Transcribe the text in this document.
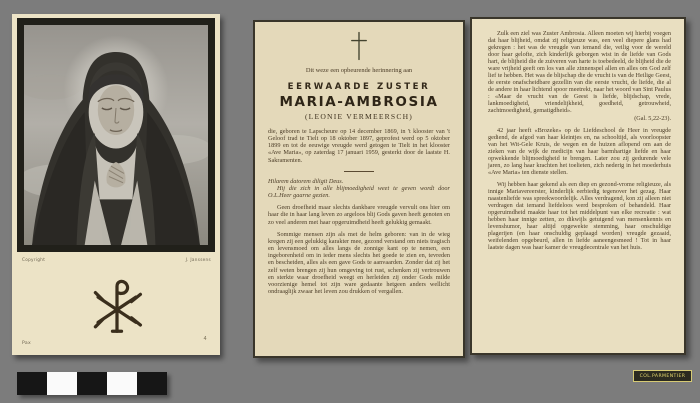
Copyright	J. Janssens
Pax
4
Dit weze een opbeurende herinnering aan
EERWAARDE ZUSTER
MARIA-AMBROSIA
(LEONIE VERMEERSCH)
die, geboren te Lapscheure op 14 december 1869, in 't klooster van 't Geloof trad te Tielt op 18 oktober 1897, geprofest werd op 5 oktober 1899 en tot de eeuwige vreugde werd getogen te Tielt in het klooster «Ave Maria», op zaterdag 17 januari 1959, gesterkt door de laatste H. Sakramenten.
Hilarem datorem diligit Deus.
Hij die zich in alle blijmoedigheid weet te geven wordt door O.L.Heer gaarne gezien.
Geen droefheid maar slechts dankbare vreugde vervult ons hier om haar die in haar lang leven zo argeloos blij Gods gaven heeft genoten en zo veel anderen met haar opgeruimdheid heeft gelukkig gemaakt.
Sommige mensen zijn als met de helm geboren: van in de wieg kregen zij een gelukkig karakter mee, gezond verstand om niets tragisch en levensmoed om alles langs de zonnige kant op te nemen, een ingeborenheid om in ieder mens slechts het goede te zien en, tevreden en bescheiden, alles als een gave Gods te aanvaarden. Zonder dat zij het zelf weten brengen zij hun omgeving tot rust, schenken zij vertrouwen en sterkte waar droefheid weegt en herleiden zij onder Gods milde voorzienige hemel tot zijn ware gedaante hetgeen anders wellicht ondraaglijk zwaar het leven zou drukken of vergallen.
Zulk een ziel was Zuster Ambrosia. Alleen moeten wij hierbij voegen dat haar blijheid, omdat zij religieuze was, een veel diepere glans had gekregen : het was de vreugde van iemand die, veilig voor de wereld door haar gelofte, zich kinderlijk geborgen wist in de liefde van Gods hart, de blijheid die de zuiveren van harte is toebedeeld, de blijheid die de ware vrijheid geeft om los van alle zinnenspel allen en alles om God zelf lief te hebben. Het was de blijschap die de vrucht is van de Heilige Geest, de eerste onafscheidbare gezellin van die eerste vrucht, de liefde, die al de andere in haar lichtend spoor meetrekt, naar het woord van Sint Paulus : «Maar de vrucht van de Geest is liefde, blijdschap, vrede, lankmoedigheid, vriendelijkheid, goedheid, getrouwheid, zachtmoedigheid, gematigdheid».
(Gal. 5,22-23).
42 jaar heeft «Brozeke» op de Liefdeschool de Heer in vreugde gediend, de afgod van haar kleintjes en, na schooltijd, als voorloopster van het Wit-Gele Kruis, de wegen en de huizen aflopend om aan de zieken van de wijk de medicijn van haar barmhartige liefde en haar opwekkende blijmoedigheid te brengen. Later zou zij gedurende vele jaren, zo lang haar krachten het toelieten, zich nederig in het moederhuis «Ave Maria» ten dienste stellen.
Wij hebben haar gekend als een diep en gezond-vrome religieuze, als innige Mariavereerster, kinderlijk eerbiedig tegenover het gezag. Haar naastenliefde was spreekwoordelijk. Alles verdragend, kon zij alleen niet verdragen dat iemand liefdeloos werd besproken of behandeld. Haar opgeruimdheid maakte haar tot het middelpunt van elke recreatie : wat hebben haar innige zetten, zo dikwijls getuigend van mensenkennis en levenshumor, haar altijd opgewekte stemming, haar onschuldige plagerijen (en haar onschuldig geplaagd worden) vreugde gezaaid, weifelenden opgebeurd, allen in liefde aaneengesmeed ! Tot in haar laatste dagen was haar kamer de vreugdecentrale van het huis.
COL.PARMENTIER
